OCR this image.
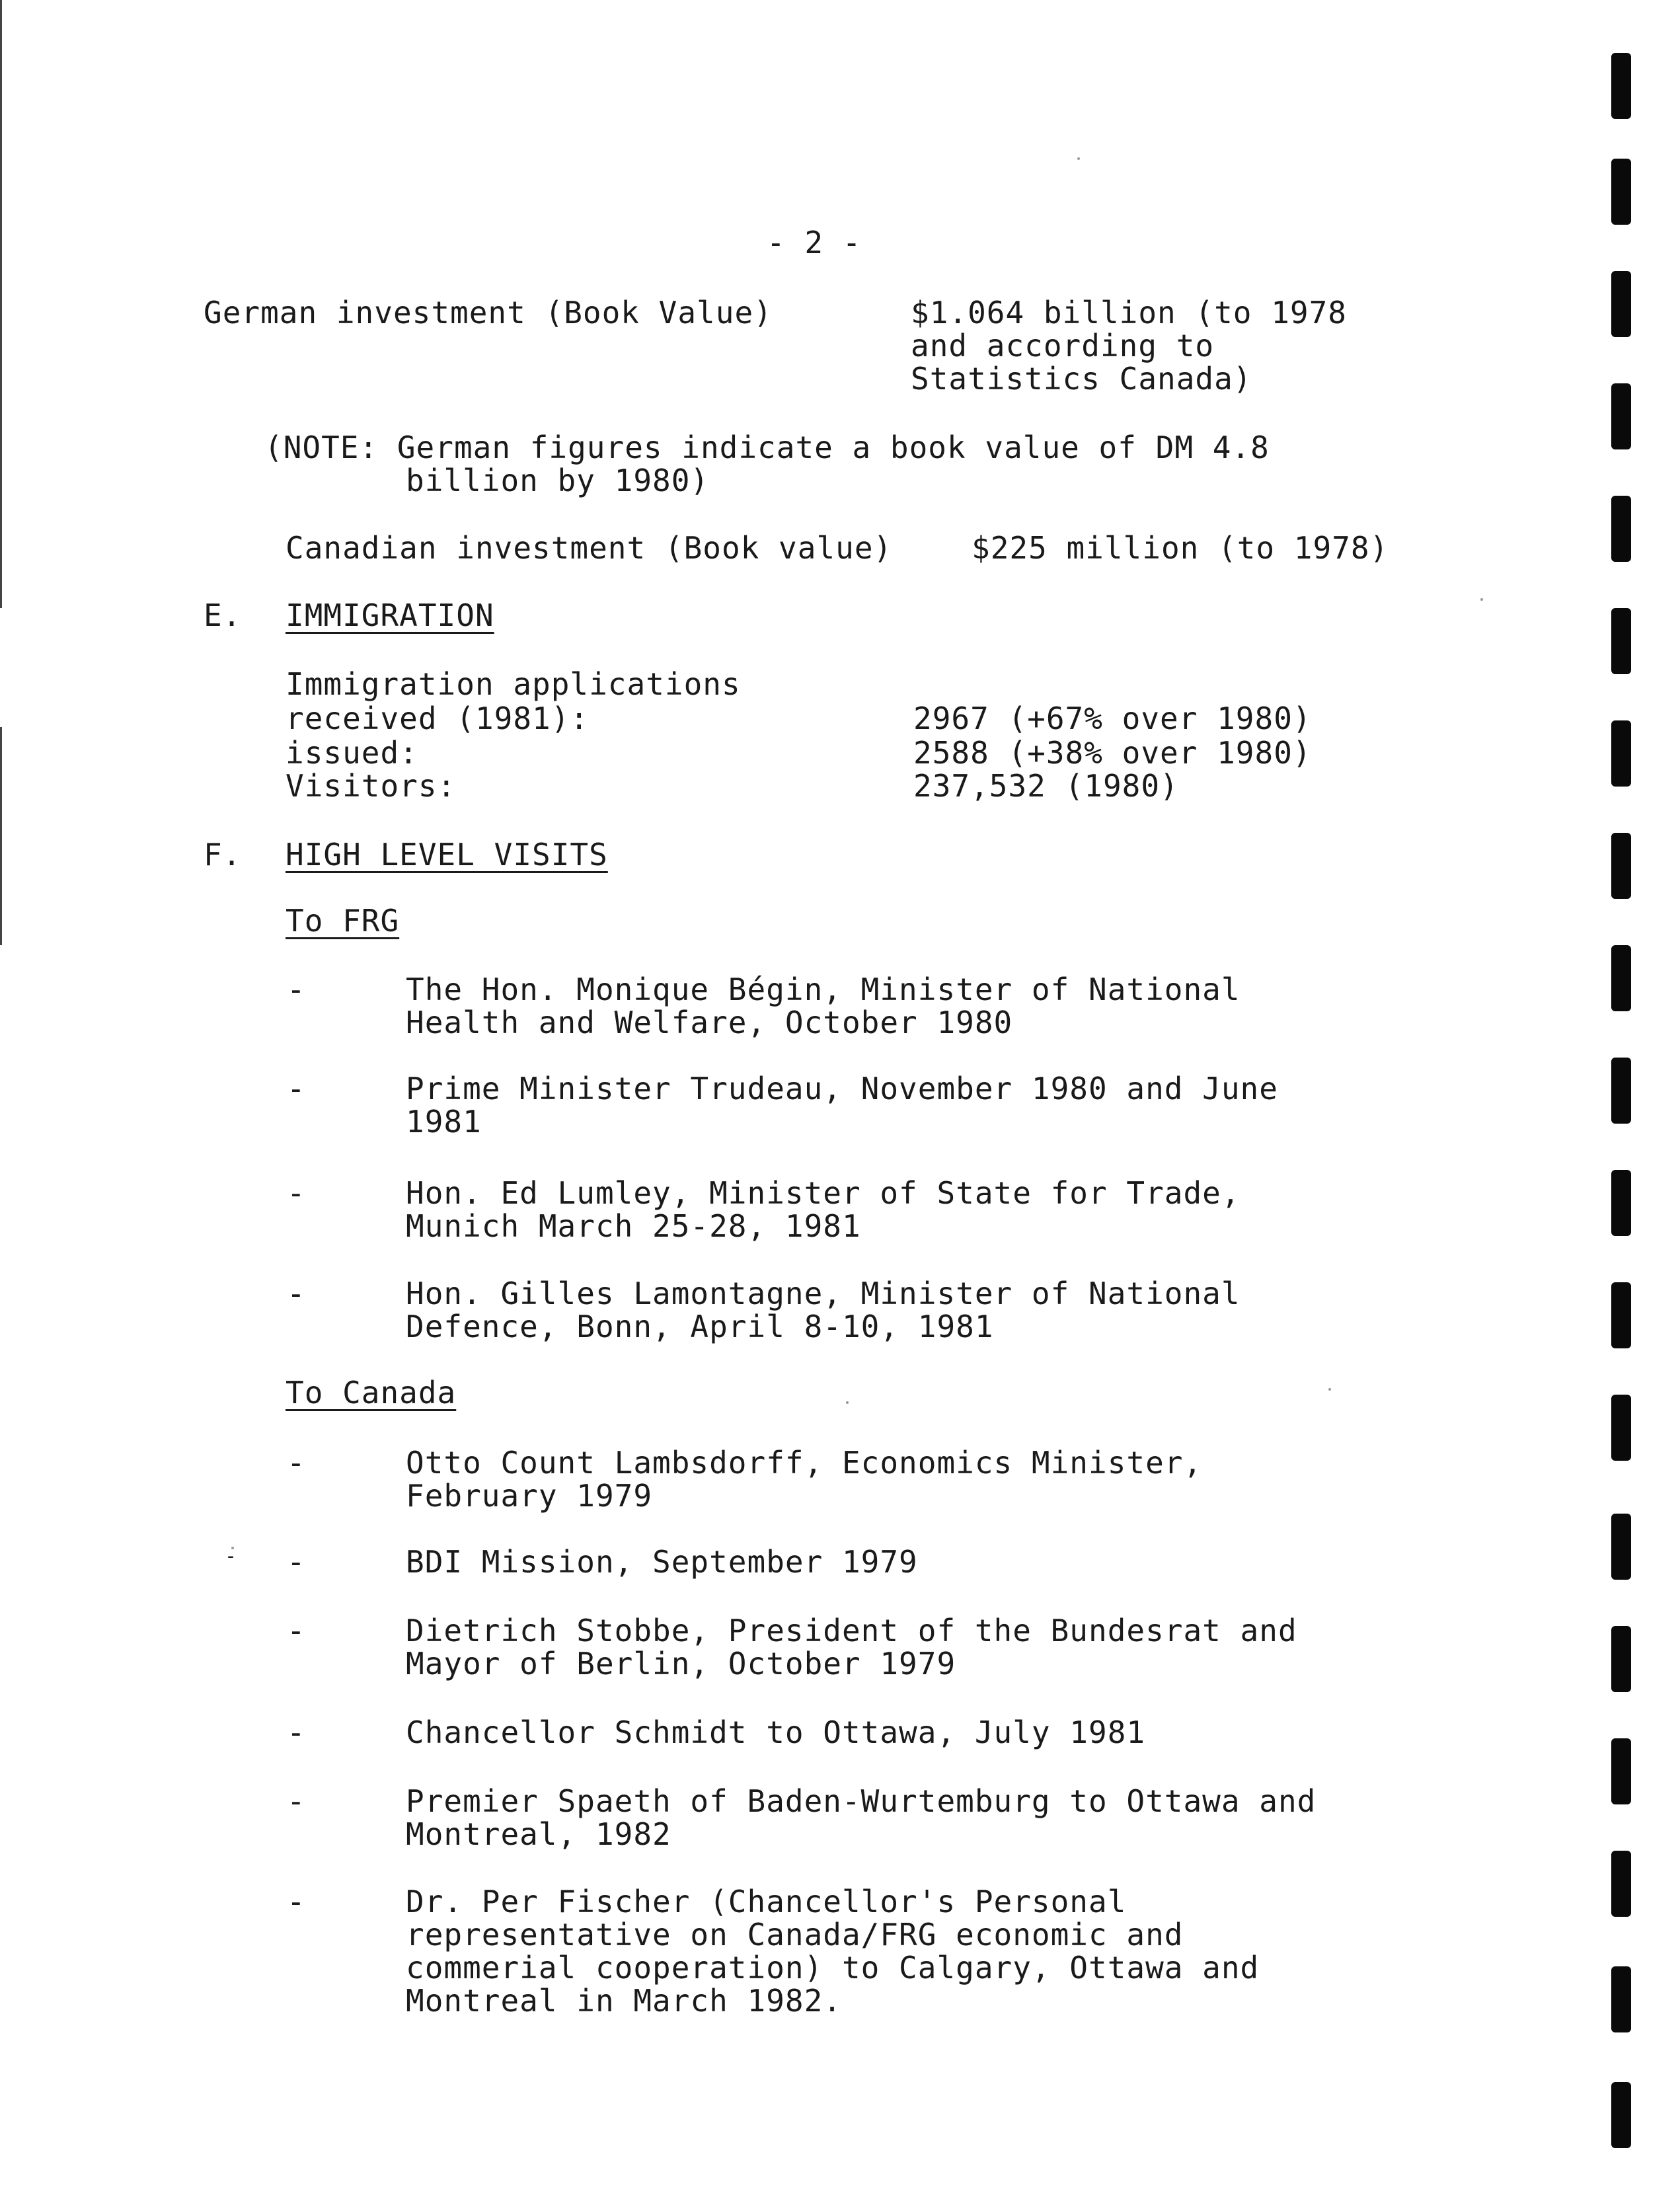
- 2 -
German investment (Book Value)	$1.064 billion (to 1978
and according to
Statistics Canada)
(NOTE: German figures indicate a book value of DM 4.8
billion by 1980)
Canadian investment (Book value)	$225 million (to 1978)
E. IMMIGRATION
Immigration applications
received (1981):	2967 (+67% over 1980)
issued:	2588 (+38% over 1980)
Visitors:	237,532 (1980)
F. HIGH LEVEL VISITS
To FRG
-	The Hon. Monique Bégin, Minister of National
Health and Welfare, October 1980
-	Prime Minister Trudeau, November 1980 and June
1981
-	Hon. Ed Lumley, Minister of State for Trade,
Munich March 25-28, 1981
-	Hon. Gilles Lamontagne, Minister of National
Defence, Bonn, April 8-10, 1981
To Canada
-	Otto Count Lambsdorff, Economics Minister,
February 1979
-	BDI Mission, September 1979
-	Dietrich Stobbe, President of the Bundesrat and
Mayor of Berlin, October 1979
-	Chancellor Schmidt to Ottawa, July 1981
-	Premier Spaeth of Baden-Wurtemburg to Ottawa and
Montreal, 1982
-	Dr. Per Fischer (Chancellor's Personal
representative on Canada/FRG economic and
commerial cooperation) to Calgary, Ottawa and
Montreal in March 1982.
-
